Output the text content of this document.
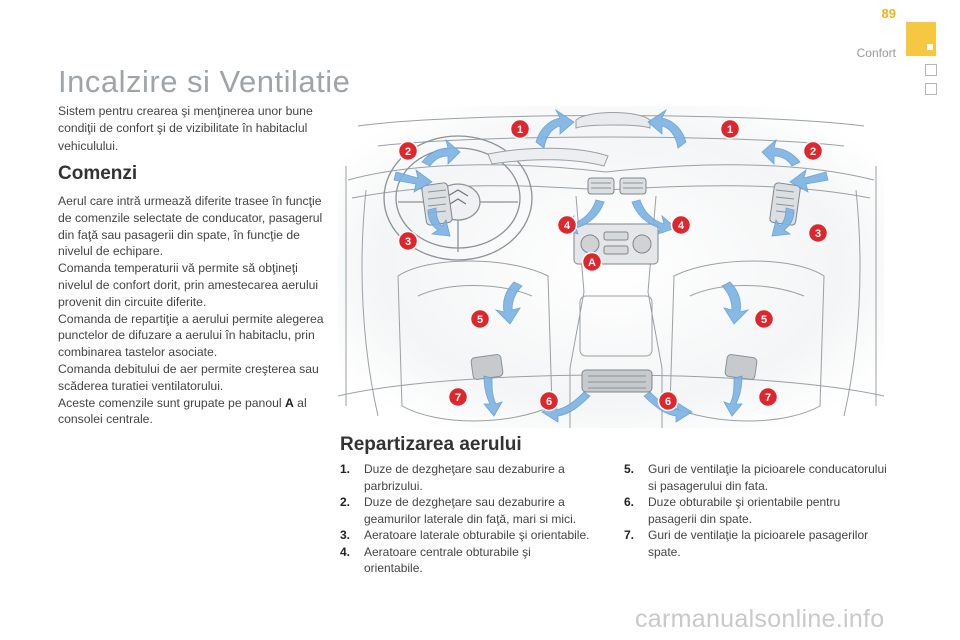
89
Confort
Incalzire si Ventilatie
Sistem pentru crearea şi menţinerea unor bune condiţii de confort şi de vizibilitate în habitaclul vehiculului.
Comenzi

Aerul care intră urmează diferite trasee în funcţie de comenzile selectate de conducator, pasagerul din faţă sau pasagerii din spate, în funcţie de nivelul de echipare.

Comanda temperaturii vă permite să obţineţi nivelul de confort dorit, prin amestecarea aerului provenit din circuite diferite.

Comanda de repartiţie a aerului permite alegerea punctelor de difuzare a aerului în habitaclu, prin combinarea tastelor asociate.

Comanda debitului de aer permite creşterea sau scăderea turatiei ventilatorului.

Aceste comenzile sunt grupate pe panoul A al consolei centrale.

1	1
2	2
3
3
4	4
5	5
6	6
7	7
A
Repartizarea aerului
1. Duze de dezgheţare sau dezaburire a parbrizului.
2. Duze de dezgheţare sau dezaburire a geamurilor laterale din faţă, mari si mici.
3. Aeratoare laterale obturabile şi orientabile.
4. Aeratoare centrale obturabile şi orientabile.
5. Guri de ventilaţie la picioarele conducatorului si pasagerului din fata.
6. Duze obturabile şi orientabile pentru pasagerii din spate.
7. Guri de ventilaţie la picioarele pasagerilor spate.
carmanualsonline.info
